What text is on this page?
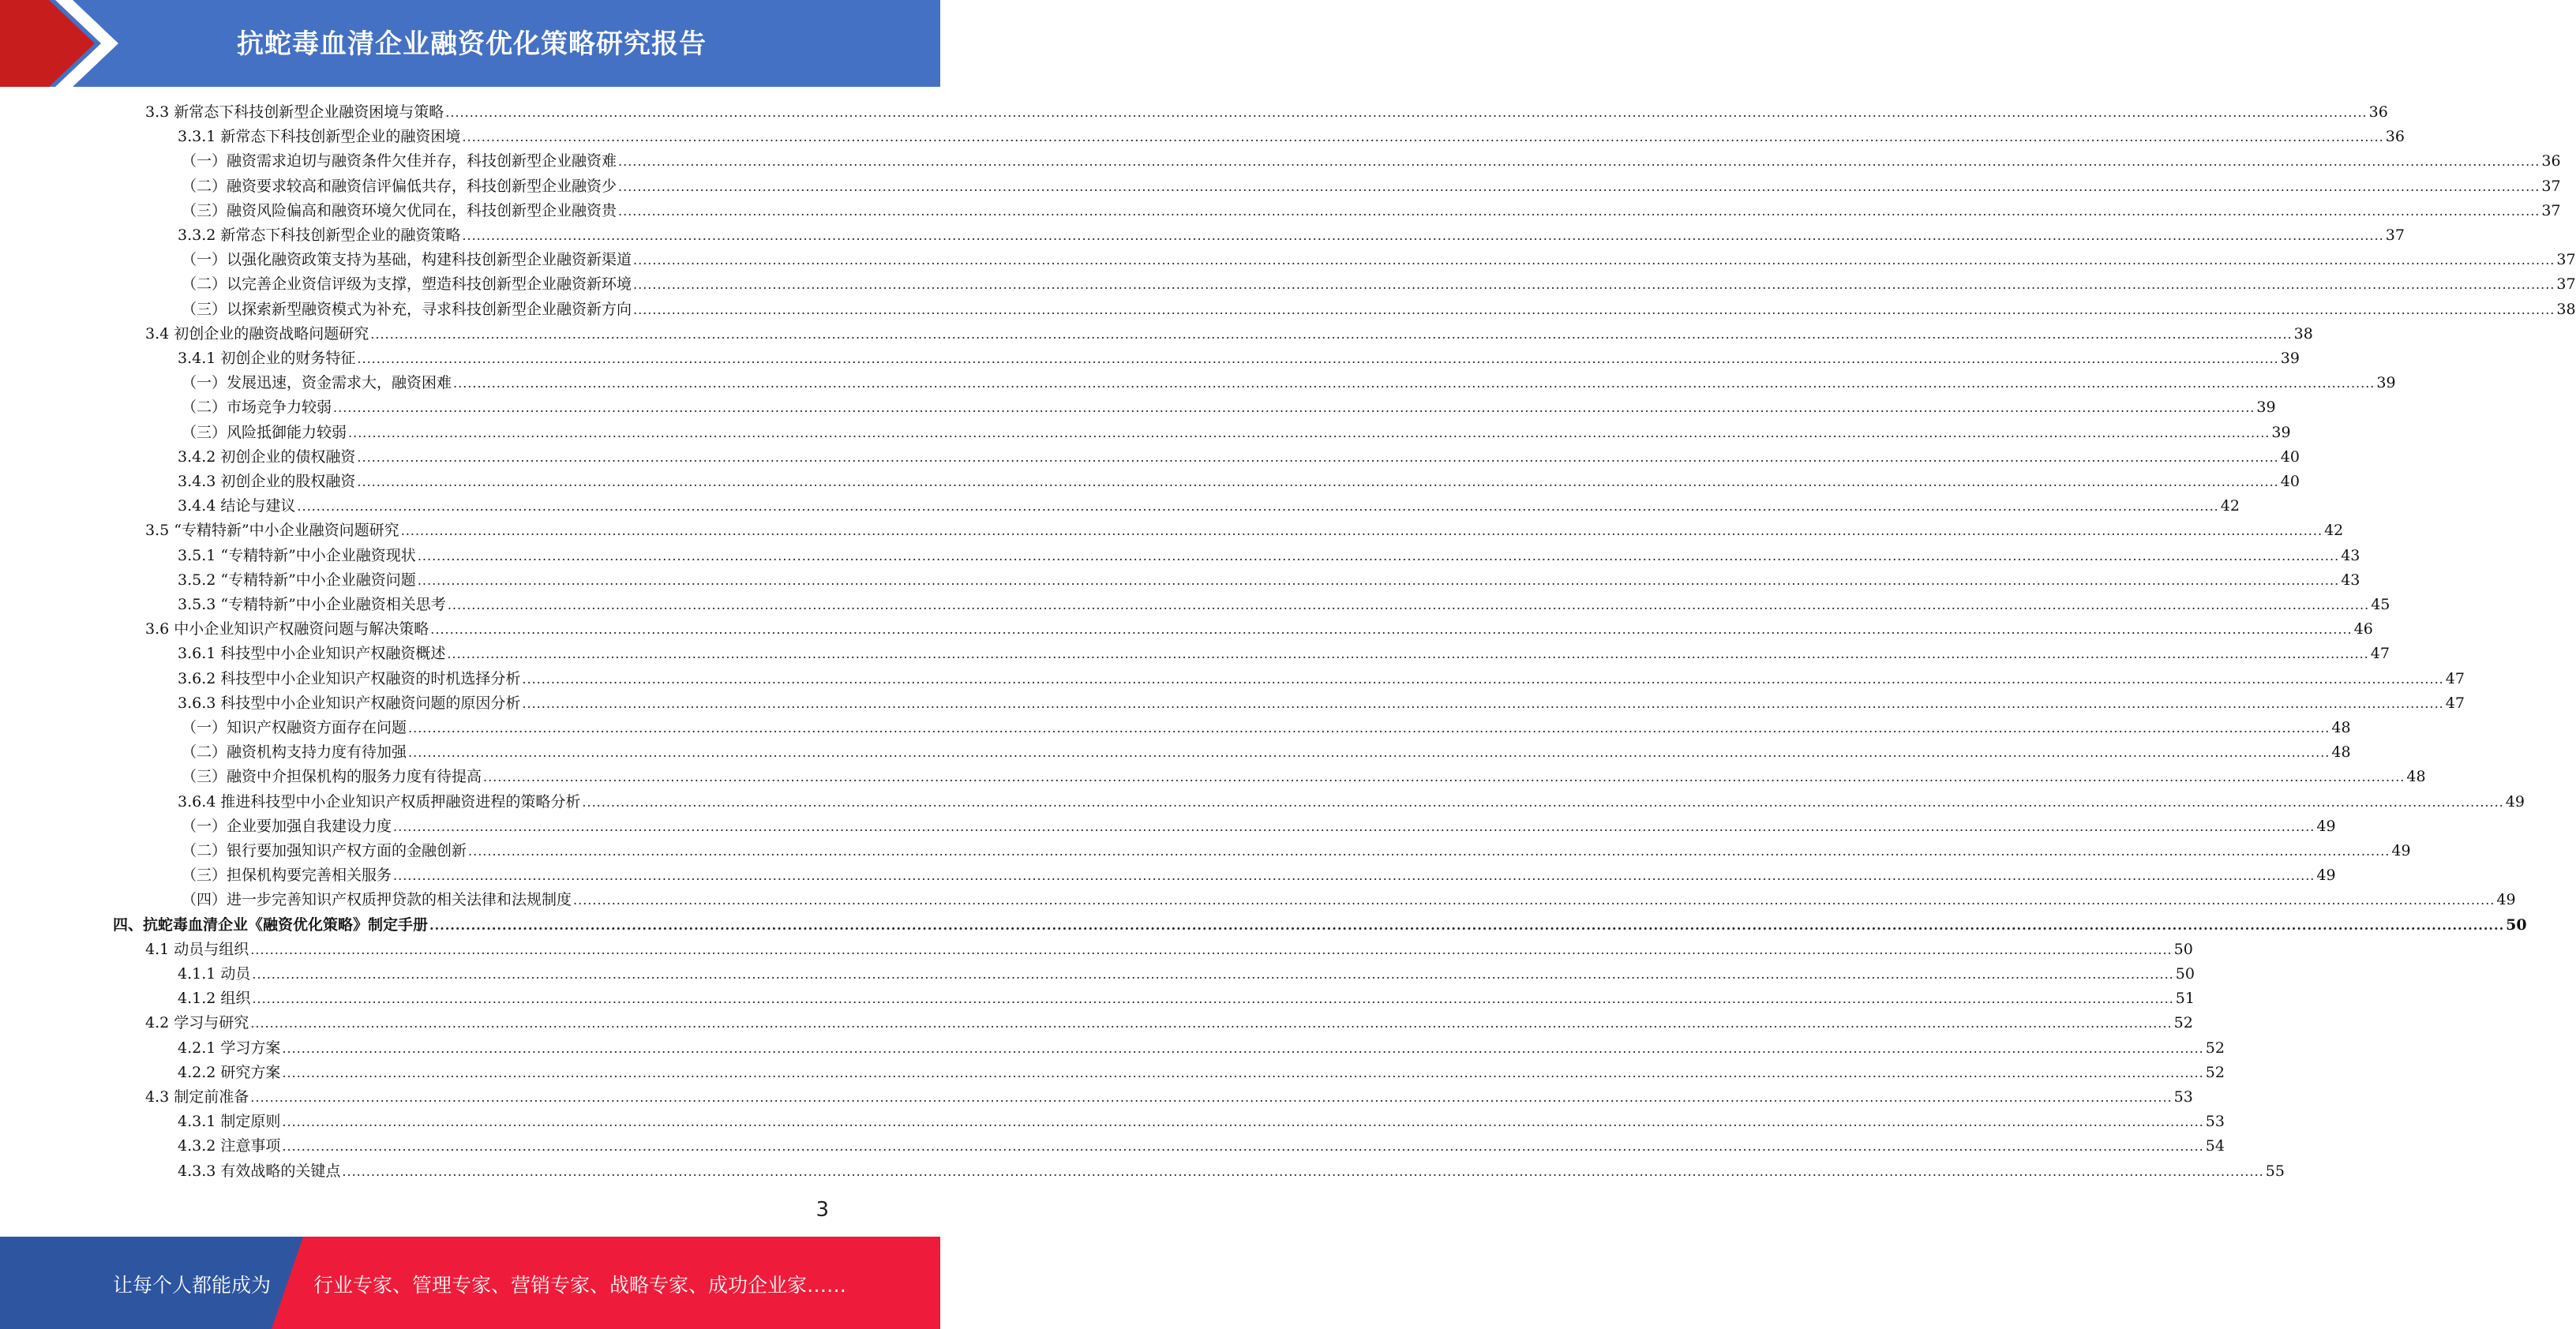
抗蛇毒血清企业融资优化策略研究报告
3.3 新常态下科技创新型企业融资困境与策略 ................................................................................................................................................................................................................................................................................................................................................................................................................ 36
3.3.1 新常态下科技创新型企业的融资困境 ................................................................................................................................................................................................................................................................................................................................................................................................................ 36
（一）融资需求迫切与融资条件欠佳并存，科技创新型企业融资难 ................................................................................................................................................................................................................................................................................................................................................................................................................ 36
（二）融资要求较高和融资信评偏低共存，科技创新型企业融资少 ................................................................................................................................................................................................................................................................................................................................................................................................................ 37
（三）融资风险偏高和融资环境欠优同在，科技创新型企业融资贵 ................................................................................................................................................................................................................................................................................................................................................................................................................ 37
3.3.2 新常态下科技创新型企业的融资策略 ................................................................................................................................................................................................................................................................................................................................................................................................................ 37
（一）以强化融资政策支持为基础，构建科技创新型企业融资新渠道 ................................................................................................................................................................................................................................................................................................................................................................................................................ 37
（二）以完善企业资信评级为支撑，塑造科技创新型企业融资新环境 ................................................................................................................................................................................................................................................................................................................................................................................................................ 37
（三）以探索新型融资模式为补充，寻求科技创新型企业融资新方向 ................................................................................................................................................................................................................................................................................................................................................................................................................ 38
3.4 初创企业的融资战略问题研究 ................................................................................................................................................................................................................................................................................................................................................................................................................ 38
3.4.1 初创企业的财务特征 ................................................................................................................................................................................................................................................................................................................................................................................................................ 39
（一）发展迅速，资金需求大，融资困难 ................................................................................................................................................................................................................................................................................................................................................................................................................ 39
（二）市场竞争力较弱 ................................................................................................................................................................................................................................................................................................................................................................................................................ 39
（三）风险抵御能力较弱 ................................................................................................................................................................................................................................................................................................................................................................................................................ 39
3.4.2 初创企业的债权融资 ................................................................................................................................................................................................................................................................................................................................................................................................................ 40
3.4.3 初创企业的股权融资 ................................................................................................................................................................................................................................................................................................................................................................................................................ 40
3.4.4 结论与建议 ................................................................................................................................................................................................................................................................................................................................................................................................................ 42
3.5 “专精特新”中小企业融资问题研究 ................................................................................................................................................................................................................................................................................................................................................................................................................ 42
3.5.1 “专精特新”中小企业融资现状 ................................................................................................................................................................................................................................................................................................................................................................................................................ 43
3.5.2 “专精特新”中小企业融资问题 ................................................................................................................................................................................................................................................................................................................................................................................................................ 43
3.5.3 “专精特新”中小企业融资相关思考 ................................................................................................................................................................................................................................................................................................................................................................................................................ 45
3.6 中小企业知识产权融资问题与解决策略 ................................................................................................................................................................................................................................................................................................................................................................................................................ 46
3.6.1 科技型中小企业知识产权融资概述 ................................................................................................................................................................................................................................................................................................................................................................................................................ 47
3.6.2 科技型中小企业知识产权融资的时机选择分析 ................................................................................................................................................................................................................................................................................................................................................................................................................ 47
3.6.3 科技型中小企业知识产权融资问题的原因分析 ................................................................................................................................................................................................................................................................................................................................................................................................................ 47
（一）知识产权融资方面存在问题 ................................................................................................................................................................................................................................................................................................................................................................................................................ 48
（二）融资机构支持力度有待加强 ................................................................................................................................................................................................................................................................................................................................................................................................................ 48
（三）融资中介担保机构的服务力度有待提高 ................................................................................................................................................................................................................................................................................................................................................................................................................ 48
3.6.4 推进科技型中小企业知识产权质押融资进程的策略分析 ................................................................................................................................................................................................................................................................................................................................................................................................................ 49
（一）企业要加强自我建设力度 ................................................................................................................................................................................................................................................................................................................................................................................................................ 49
（二）银行要加强知识产权方面的金融创新 ................................................................................................................................................................................................................................................................................................................................................................................................................ 49
（三）担保机构要完善相关服务 ................................................................................................................................................................................................................................................................................................................................................................................................................ 49
（四）进一步完善知识产权质押贷款的相关法律和法规制度 ................................................................................................................................................................................................................................................................................................................................................................................................................ 49
四、抗蛇毒血清企业《融资优化策略》制定手册 ................................................................................................................................................................................................................................................................................................................................................................................................................ 50
4.1 动员与组织 ................................................................................................................................................................................................................................................................................................................................................................................................................ 50
4.1.1 动员 ................................................................................................................................................................................................................................................................................................................................................................................................................ 50
4.1.2 组织 ................................................................................................................................................................................................................................................................................................................................................................................................................ 51
4.2 学习与研究 ................................................................................................................................................................................................................................................................................................................................................................................................................ 52
4.2.1 学习方案 ................................................................................................................................................................................................................................................................................................................................................................................................................ 52
4.2.2 研究方案 ................................................................................................................................................................................................................................................................................................................................................................................................................ 52
4.3 制定前准备 ................................................................................................................................................................................................................................................................................................................................................................................................................ 53
4.3.1 制定原则 ................................................................................................................................................................................................................................................................................................................................................................................................................ 53
4.3.2 注意事项 ................................................................................................................................................................................................................................................................................................................................................................................................................ 54
4.3.3 有效战略的关键点 ................................................................................................................................................................................................................................................................................................................................................................................................................ 55
3
让每个人都能成为 行业专家、管理专家、营销专家、战略专家、成功企业家……
